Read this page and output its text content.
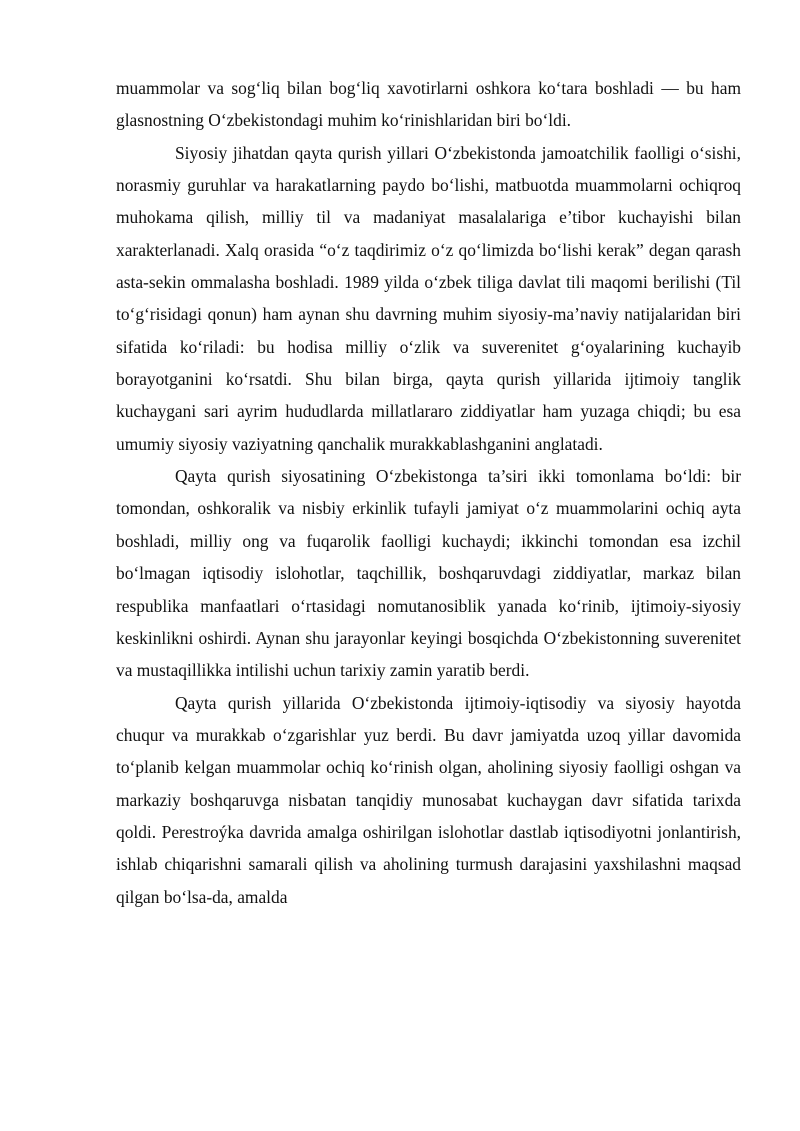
muammolar va sog‘liq bilan bog‘liq xavotirlarni oshkora ko‘tara boshladi — bu ham glasnostning O‘zbekistondagi muhim ko‘rinishlaridan biri bo‘ldi.

Siyosiy jihatdan qayta qurish yillari O‘zbekistonda jamoatchilik faolligi o‘sishi, norasmiy guruhlar va harakatlarning paydo bo‘lishi, matbuotda muammolarni ochiqroq muhokama qilish, milliy til va madaniyat masalalariga e’tibor kuchayishi bilan xarakterlanadi. Xalq orasida “o‘z taqdirimiz o‘z qo‘limizda bo‘lishi kerak” degan qarash asta-sekin ommalasha boshladi. 1989 yilda o‘zbek tiliga davlat tili maqomi berilishi (Til to‘g‘risidagi qonun) ham aynan shu davrning muhim siyosiy-ma’naviy natijalaridan biri sifatida ko‘riladi: bu hodisa milliy o‘zlik va suverenitet g‘oyalarining kuchayib borayotganini ko‘rsatdi. Shu bilan birga, qayta qurish yillarida ijtimoiy tanglik kuchaygani sari ayrim hududlarda millatlararo ziddiyatlar ham yuzaga chiqdi; bu esa umumiy siyosiy vaziyatning qanchalik murakkablashganini anglatadi.

Qayta qurish siyosatining O‘zbekistonga ta’siri ikki tomonlama bo‘ldi: bir tomondan, oshkoralik va nisbiy erkinlik tufayli jamiyat o‘z muammolarini ochiq ayta boshladi, milliy ong va fuqarolik faolligi kuchaydi; ikkinchi tomondan esa izchil bo‘lmagan iqtisodiy islohotlar, taqchillik, boshqaruvdagi ziddiyatlar, markaz bilan respublika manfaatlari o‘rtasidagi nomutanosiblik yanada ko‘rinib, ijtimoiy-siyosiy keskinlikni oshirdi. Aynan shu jarayonlar keyingi bosqichda O‘zbekistonning suverenitet va mustaqillikka intilishi uchun tarixiy zamin yaratib berdi.

Qayta qurish yillarida O‘zbekistonda ijtimoiy-iqtisodiy va siyosiy hayotda chuqur va murakkab o‘zgarishlar yuz berdi. Bu davr jamiyatda uzoq yillar davomida to‘planib kelgan muammolar ochiq ko‘rinish olgan, aholining siyosiy faolligi oshgan va markaziy boshqaruvga nisbatan tanqidiy munosabat kuchaygan davr sifatida tarixda qoldi. Perestroýka davrida amalga oshirilgan islohotlar dastlab iqtisodiyotni jonlantirish, ishlab chiqarishni samarali qilish va aholining turmush darajasini yaxshilashni maqsad qilgan bo‘lsa-da, amalda
